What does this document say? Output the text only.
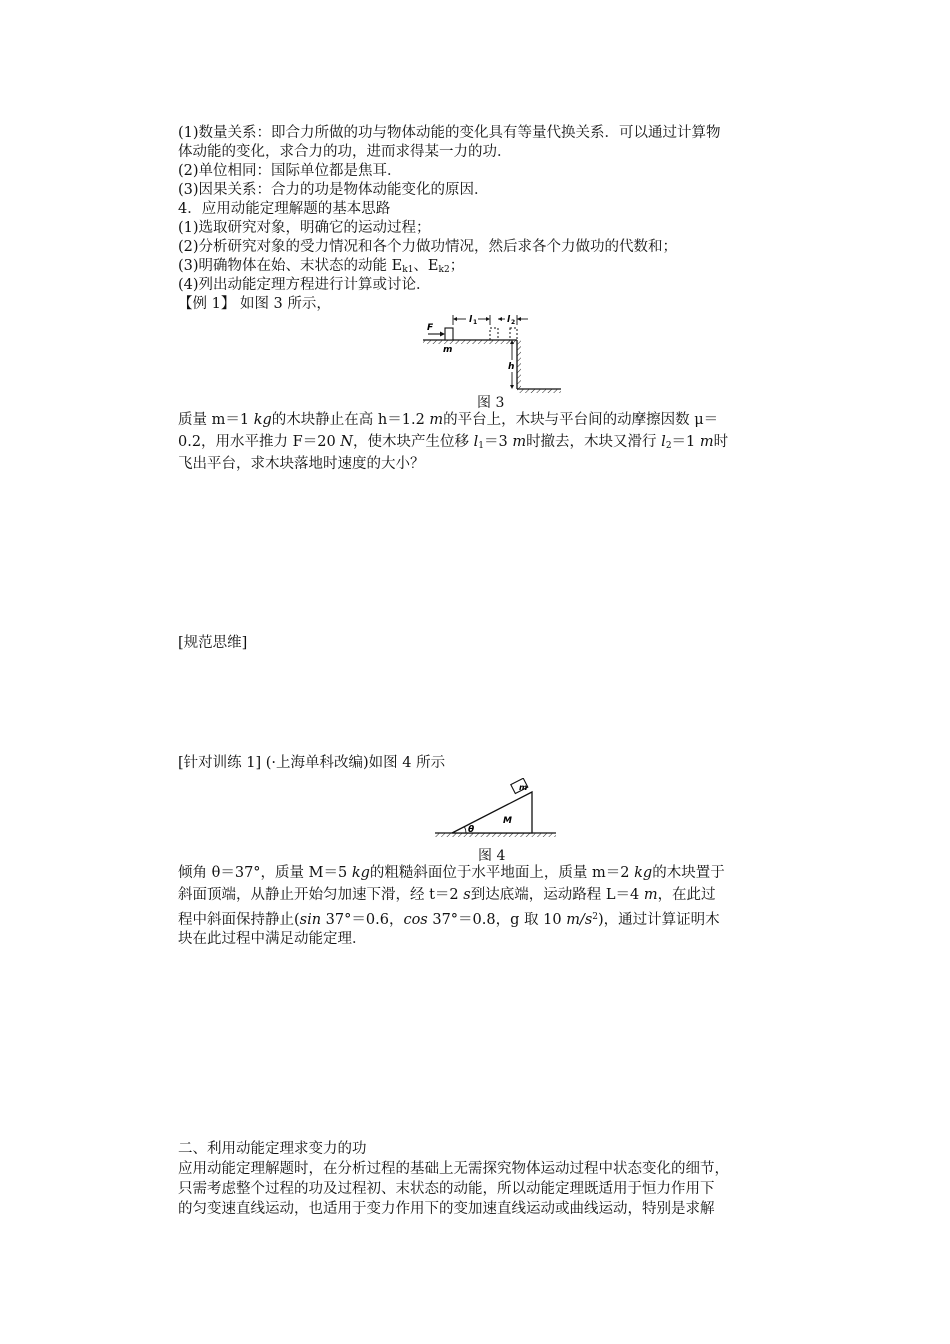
(1)数量关系：即合力所做的功与物体动能的变化具有等量代换关系．可以通过计算物
体动能的变化，求合力的功，进而求得某一力的功．
(2)单位相同：国际单位都是焦耳．
(3)因果关系：合力的功是物体动能变化的原因．
4．应用动能定理解题的基本思路
(1)选取研究对象，明确它的运动过程；
(2)分析研究对象的受力情况和各个力做功情况，然后求各个力做功的代数和；
(3)明确物体在始、末状态的动能 $E_{k1}$、$E_{k2}$；
(4)列出动能定理方程进行计算或讨论．
【例 1】 如图 3 所示，
F
m
l 1	l 2
h
图 3
质量 m＝1 kg的木块静止在高 h＝1.2 m的平台上，木块与平台间的动摩擦因数 μ＝
0.2，用水平推力 F＝20 N，使木块产生位移 $l_1=3$ m时撤去，木块又滑行 $l_2=1$ m时
飞出平台，求木块落地时速度的大小？
[规范思维]
[针对训练 1] (·上海单科改编)如图 4 所示
m
M
θ
图 4
倾角 θ＝37°，质量 M＝5 kg的粗糙斜面位于水平地面上，质量 m＝2 kg的木块置于
斜面顶端，从静止开始匀加速下滑，经 t＝2 s到达底端，运动路程 L＝4 m，在此过
程中斜面保持静止(sin 37°＝0.6，cos 37°＝0.8，g 取 10 $m/s^2$)，通过计算证明木
块在此过程中满足动能定理．
二、利用动能定理求变力的功
应用动能定理解题时，在分析过程的基础上无需探究物体运动过程中状态变化的细节，
只需考虑整个过程的功及过程初、末状态的动能，所以动能定理既适用于恒力作用下
的匀变速直线运动，也适用于变力作用下的变加速直线运动或曲线运动，特别是求解
